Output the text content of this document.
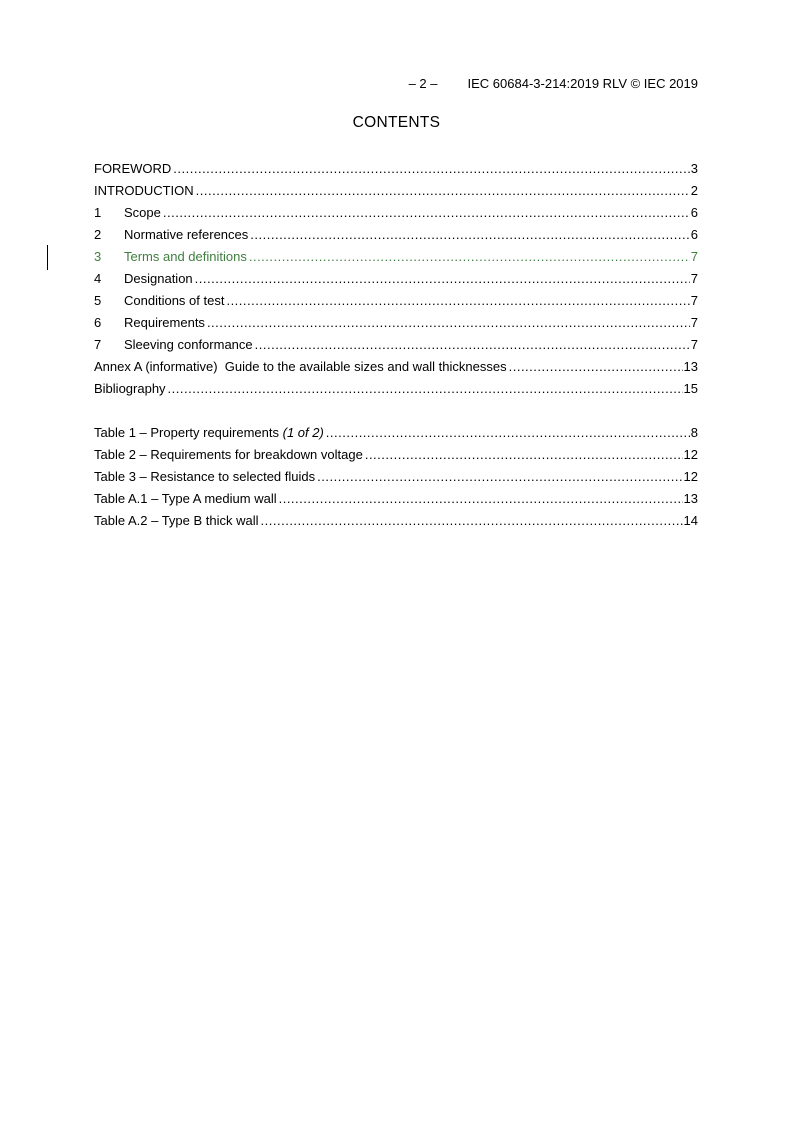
– 2 – IEC 60684-3-214:2019 RLV © IEC 2019
CONTENTS
FOREWORD .....	3
INTRODUCTION .....	2
1	Scope .....	6
2	Normative references .....	6
3	Terms and definitions .....	7
4	Designation .....	7
5	Conditions of test .....	7
6	Requirements .....	7
7	Sleeving conformance .....	7
Annex A (informative)  Guide to the available sizes and wall thicknesses .....	13
Bibliography .....	15
Table 1 – Property requirements (1 of 2) .....	8
Table 2 – Requirements for breakdown voltage .....	12
Table 3 – Resistance to selected fluids .....	12
Table A.1 – Type A medium wall .....	13
Table A.2 – Type B thick wall .....	14
